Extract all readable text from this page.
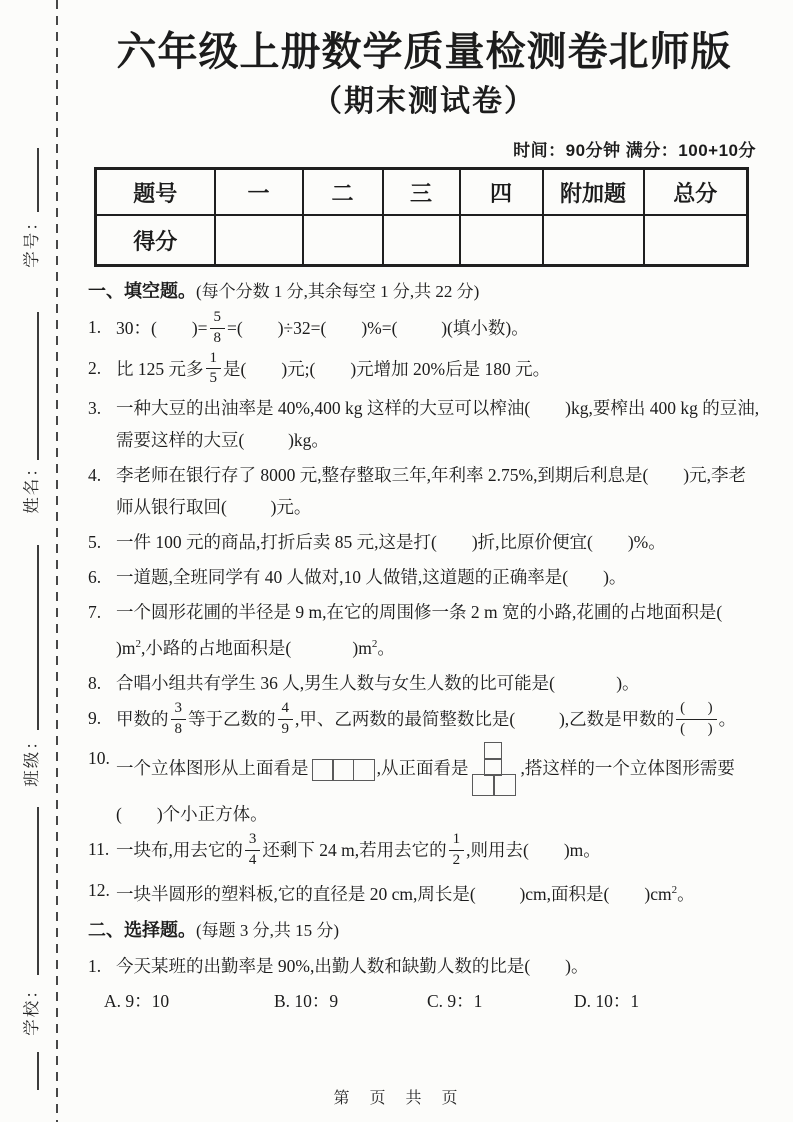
学号：
姓名：
班级：
学校：
六年级上册数学质量检测卷北师版
（期末测试卷）
时间：90分钟 满分：100+10分
题号	一	二	三	四	附加题	总分
得分						
一、填空题。(每个分数 1 分,其余每空 1 分,共 22 分)
1. 30：(        )= $\frac{5}{8}$ =(        )÷32=(        )%=(          )(填小数)。
2. 比 125 元多 $\frac{1}{5}$ 是(        )元;(        )元增加 20%后是 180 元。
3. 一种大豆的出油率是 40%,400 kg 这样的大豆可以榨油(        )kg,要榨出 400 kg 的豆油,需要这样的大豆(          )kg。
4. 李老师在银行存了 8000 元,整存整取三年,年利率 2.75%,到期后利息是(        )元,李老师从银行取回(          )元。
5. 一件 100 元的商品,打折后卖 85 元,这是打(        )折,比原价便宜(        )%。
6. 一道题,全班同学有 40 人做对,10 人做错,这道题的正确率是(        )。
7. 一个圆形花圃的半径是 9 m,在它的周围修一条 2 m 宽的小路,花圃的占地面积是(          )$m^2$,小路的占地面积是(              )$m^2$。
8. 合唱小组共有学生 36 人,男生人数与女生人数的比可能是(              )。
9. 甲数的 $\frac{3}{8}$ 等于乙数的 $\frac{4}{9}$ ,甲、乙两数的最简整数比是(          ),乙数是甲数的 $\frac{( )}{( )}$ 。
10.
一个立体图形从上面看是	,从正面看是	,搭这样的一个立体图形需要
(        )个小正方体。
11. 一块布,用去它的 $\frac{3}{4}$ 还剩下 24 m,若用去它的 $\frac{1}{2}$ ,则用去(        )m。
12. 一块半圆形的塑料板,它的直径是 20 cm,周长是(          )cm,面积是(        )$cm^2$。
二、选择题。(每题 3 分,共 15 分)
1. 今天某班的出勤率是 90%,出勤人数和缺勤人数的比是(        )。
A. 9：10	B. 10：9	C. 9：1	D. 10：1
第　页　共　页
